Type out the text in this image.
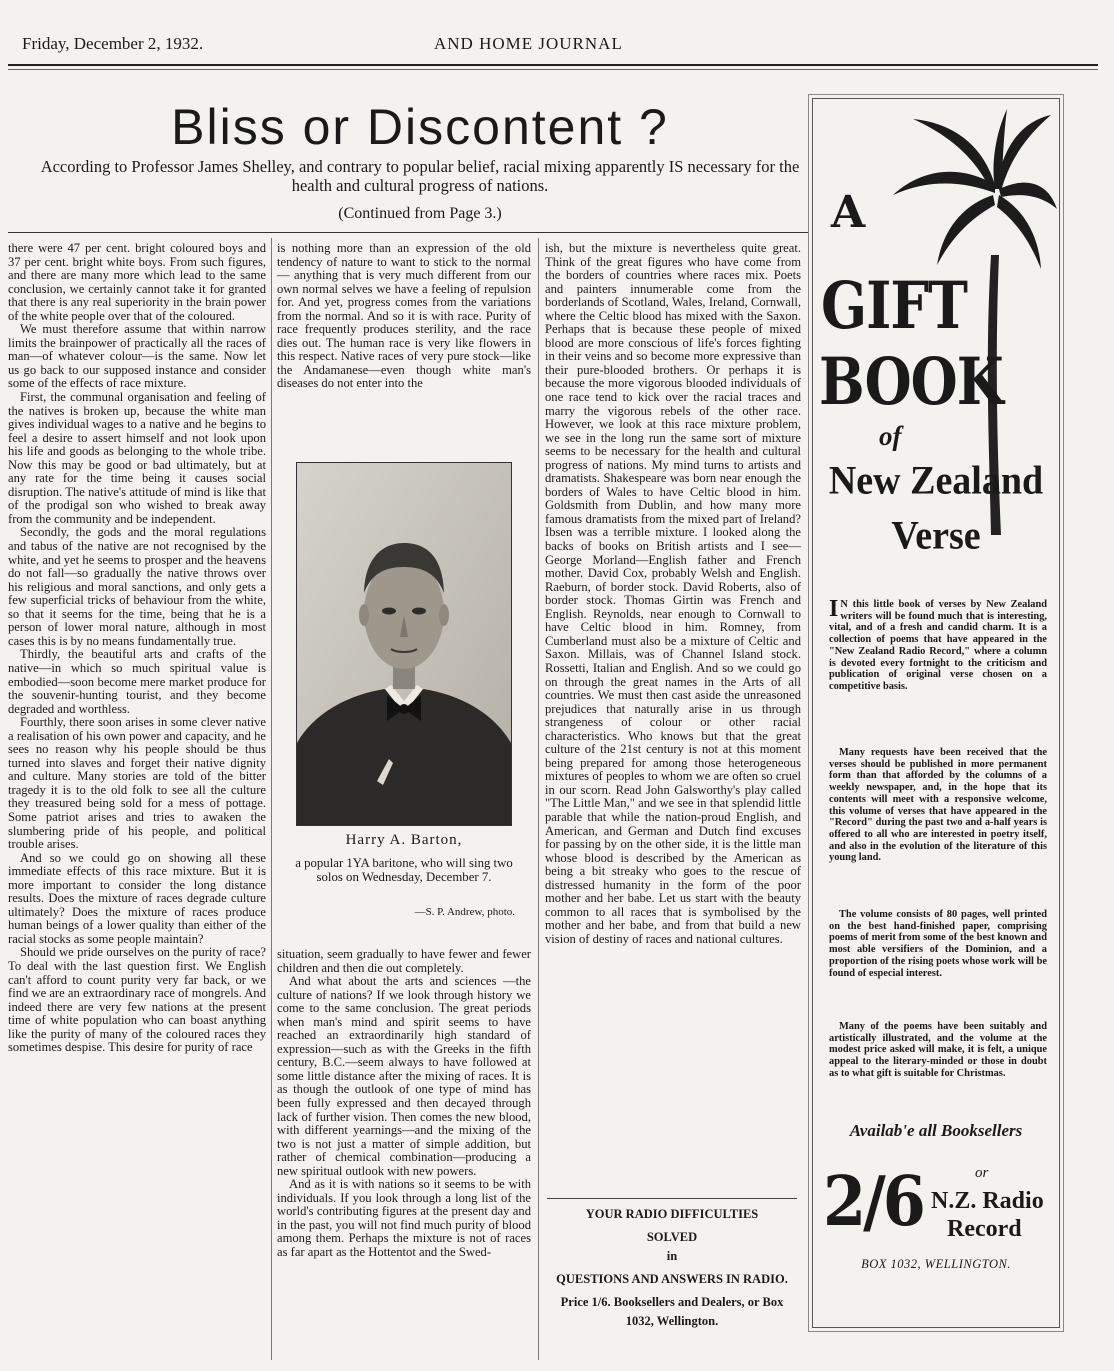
Friday, December 2, 1932.	AND HOME JOURNAL
Bliss or Discontent ?
According to Professor James Shelley, and contrary to popular belief, racial mixing apparently IS necessary for the health and cultural progress of nations.
(Continued from Page 3.)

there were 47 per cent. bright coloured boys and 37 per cent. bright white boys. From such figures, and there are many more which lead to the same conclusion, we certainly cannot take it for granted that there is any real superiority in the brain power of the white people over that of the coloured.

We must therefore assume that within narrow limits the brainpower of practically all the races of man—of whatever colour—is the same. Now let us go back to our supposed instance and consider some of the effects of race mixture.

First, the communal organisation and feeling of the natives is broken up, because the white man gives individual wages to a native and he begins to feel a desire to assert himself and not look upon his life and goods as belonging to the whole tribe. Now this may be good or bad ultimately, but at any rate for the time being it causes social disruption. The native's attitude of mind is like that of the prodigal son who wished to break away from the community and be independent.

Secondly, the gods and the moral regulations and tabus of the native are not recognised by the white, and yet he seems to prosper and the heavens do not fall—so gradually the native throws over his religious and moral sanctions, and only gets a few superficial tricks of behaviour from the white, so that it seems for the time, being that he is a person of lower moral nature, although in most cases this is by no means fundamentally true.

Thirdly, the beautiful arts and crafts of the native—in which so much spiritual value is embodied—soon become mere market produce for the souvenir-hunting tourist, and they become degraded and worthless.

Fourthly, there soon arises in some clever native a realisation of his own power and capacity, and he sees no reason why his people should be thus turned into slaves and forget their native dignity and culture. Many stories are told of the bitter tragedy it is to the old folk to see all the culture they treasured being sold for a mess of pottage. Some patriot arises and tries to awaken the slumbering pride of his people, and political trouble arises.

And so we could go on showing all these immediate effects of this race mixture. But it is more important to consider the long distance results. Does the mixture of races degrade culture ultimately? Does the mixture of races produce human beings of a lower quality than either of the racial stocks as some people maintain?

Should we pride ourselves on the purity of race? To deal with the last question first. We English can't afford to count purity very far back, or we find we are an extraordinary race of mongrels. And indeed there are very few nations at the present time of white population who can boast anything like the purity of many of the coloured races they sometimes despise. This desire for purity of race

is nothing more than an expression of the old tendency of nature to want to stick to the normal— anything that is very much different from our own normal selves we have a feeling of repulsion for. And yet, progress comes from the variations from the normal. And so it is with race. Purity of race frequently produces sterility, and the race dies out. The human race is very like flowers in this respect. Native races of very pure stock—like the Andamanese—even though white man's diseases do not enter into the

Harry A. Barton,
a popular 1YA baritone, who will sing two solos on Wednesday, December 7.
—S. P. Andrew, photo.

situation, seem gradually to have fewer and fewer children and then die out completely.

And what about the arts and sciences —the culture of nations? If we look through history we come to the same conclusion. The great periods when man's mind and spirit seems to have reached an extraordinarily high standard of expression—such as with the Greeks in the fifth century, B.C.—seem always to have followed at some little distance after the mixing of races. It is as though the outlook of one type of mind has been fully expressed and then decayed through lack of further vision. Then comes the new blood, with different yearnings—and the mixing of the two is not just a matter of simple addition, but rather of chemical combination—producing a new spiritual outlook with new powers.

And as it is with nations so it seems to be with individuals. If you look through a long list of the world's contributing figures at the present day and in the past, you will not find much purity of blood among them. Perhaps the mixture is not of races as far apart as the Hottentot and the Swed-

ish, but the mixture is nevertheless quite great. Think of the great figures who have come from the borders of countries where races mix. Poets and painters innumerable come from the borderlands of Scotland, Wales, Ireland, Cornwall, where the Celtic blood has mixed with the Saxon. Perhaps that is because these people of mixed blood are more conscious of life's forces fighting in their veins and so become more expressive than their pure-blooded brothers. Or perhaps it is because the more vigorous blooded individuals of one race tend to kick over the racial traces and marry the vigorous rebels of the other race. However, we look at this race mixture problem, we see in the long run the same sort of mixture seems to be necessary for the health and cultural progress of nations. My mind turns to artists and dramatists. Shakespeare was born near enough the borders of Wales to have Celtic blood in him. Goldsmith from Dublin, and how many more famous dramatists from the mixed part of Ireland? Ibsen was a terrible mixture. I looked along the backs of books on British artists and I see—George Morland—English father and French mother. David Cox, probably Welsh and English. Raeburn, of border stock. David Roberts, also of border stock. Thomas Girtin was French and English. Reynolds, near enough to Cornwall to have Celtic blood in him. Romney, from Cumberland must also be a mixture of Celtic and Saxon. Millais, was of Channel Island stock. Rossetti, Italian and English. And so we could go on through the great names in the Arts of all countries. We must then cast aside the unreasoned prejudices that naturally arise in us through strangeness of colour or other racial characteristics. Who knows but that the great culture of the 21st century is not at this moment being prepared for among those heterogeneous mixtures of peoples to whom we are often so cruel in our scorn. Read John Galsworthy's play called "The Little Man," and we see in that splendid little parable that while the nation-proud English, and American, and German and Dutch find excuses for passing by on the other side, it is the little man whose blood is described by the American as being a bit streaky who goes to the rescue of distressed humanity in the form of the poor mother and her babe. Let us start with the beauty common to all races that is symbolised by the mother and her babe, and from that build a new vision of destiny of races and national cultures.

YOUR RADIO DIFFICULTIES
SOLVED
in
QUESTIONS AND ANSWERS IN RADIO.
Price 1/6. Booksellers and Dealers, or Box 1032, Wellington.
A
GIFT
BOOK
of
New Zealand
Verse
I N this little book of verses by New Zealand writers will be found much that is interesting, vital, and of a fresh and candid charm. It is a collection of poems that have appeared in the "New Zealand Radio Record," where a column is devoted every fortnight to the criticism and publication of original verse chosen on a competitive basis.

Many requests have been received that the verses should be published in more permanent form than that afforded by the columns of a weekly newspaper, and, in the hope that its contents will meet with a responsive welcome, this volume of verses that have appeared in the "Record" during the past two and a-half years is offered to all who are interested in poetry itself, and also in the evolution of the literature of this young land.

The volume consists of 80 pages, well printed on the best hand-finished paper, comprising poems of merit from some of the best known and most able versifiers of the Dominion, and a proportion of the rising poets whose work will be found of especial interest.

Many of the poems have been suitably and artistically illustrated, and the volume at the modest price asked will make, it is felt, a unique appeal to the literary-minded or those in doubt as to what gift is suitable for Christmas.

Availab'e all Booksellers
2/6	or
N.Z. Radio
Record
BOX 1032, WELLINGTON.
